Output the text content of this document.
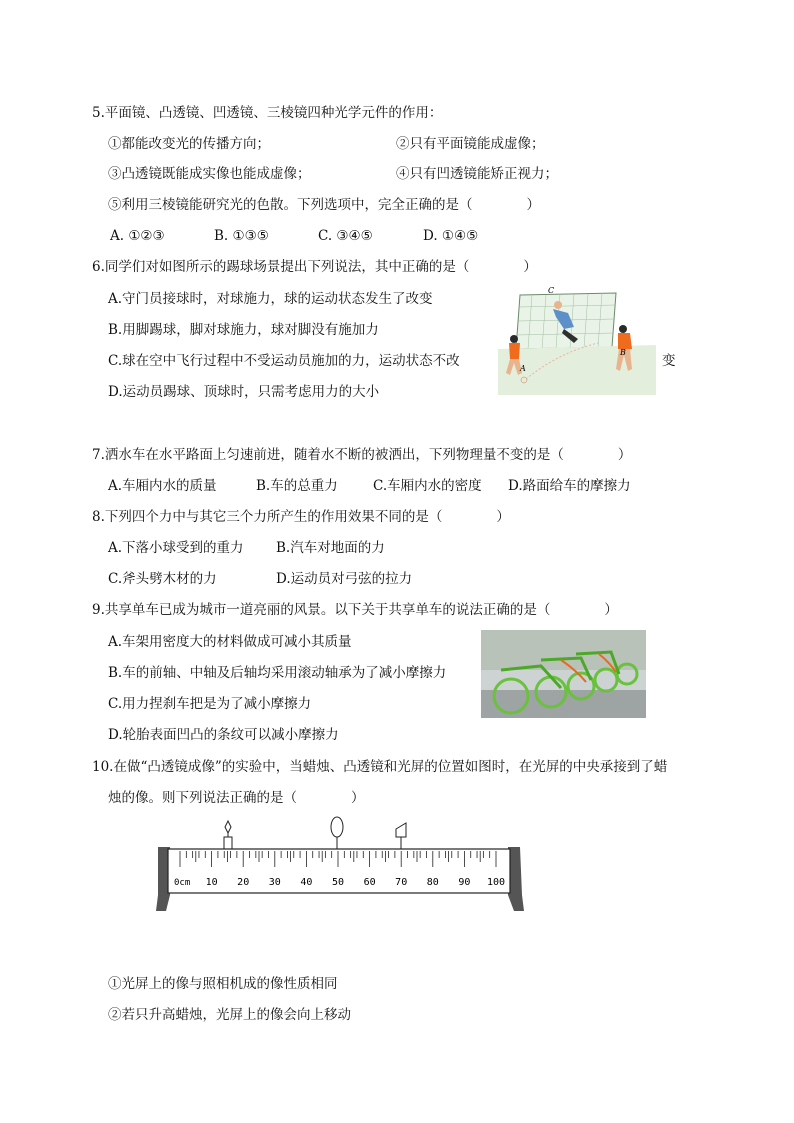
5.平面镜、凸透镜、凹透镜、三棱镜四种光学元件的作用：
①都能改变光的传播方向；	②只有平面镜能成虚像；
③凸透镜既能成实像也能成虚像；	④只有凹透镜能矫正视力；
⑤利用三棱镜能研究光的色散。下列选项中，完全正确的是（　　　　）
A. ①②③	B. ①③⑤	C. ③④⑤	D. ①④⑤
6.同学们对如图所示的踢球场景提出下列说法，其中正确的是（　　　　）
A.守门员接球时，对球施力，球的运动状态发生了改变
B.用脚踢球，脚对球施力，球对脚没有施加力
C.球在空中飞行过程中不受运动员施加的力，运动状态不改	变
D.运动员踢球、顶球时，只需考虑用力的大小
A
B
C
7.洒水车在水平路面上匀速前进，随着水不断的被洒出，下列物理量不变的是（　　　　）
A.车厢内水的质量	B.车的总重力	C.车厢内水的密度 D.路面给车的摩擦力
8.下列四个力中与其它三个力所产生的作用效果不同的是（　　　　）
A.下落小球受到的重力 B.汽车对地面的力
C.斧头劈木材的力	D.运动员对弓弦的拉力
9.共享单车已成为城市一道亮丽的风景。以下关于共享单车的说法正确的是（　　　　）
A.车架用密度大的材料做成可减小其质量
B.车的前轴、中轴及后轴均采用滚动轴承为了减小摩擦力
C.用力捏刹车把是为了减小摩擦力
D.轮胎表面凹凸的条纹可以减小摩擦力
10.在做“凸透镜成像”的实验中，当蜡烛、凸透镜和光屏的位置如图时，在光屏的中央承接到了蜡
烛的像。则下列说法正确的是（　　　　）
0cm 10 20 30 40 50 60 70 80 90 100
①光屏上的像与照相机成的像性质相同
②若只升高蜡烛，光屏上的像会向上移动
